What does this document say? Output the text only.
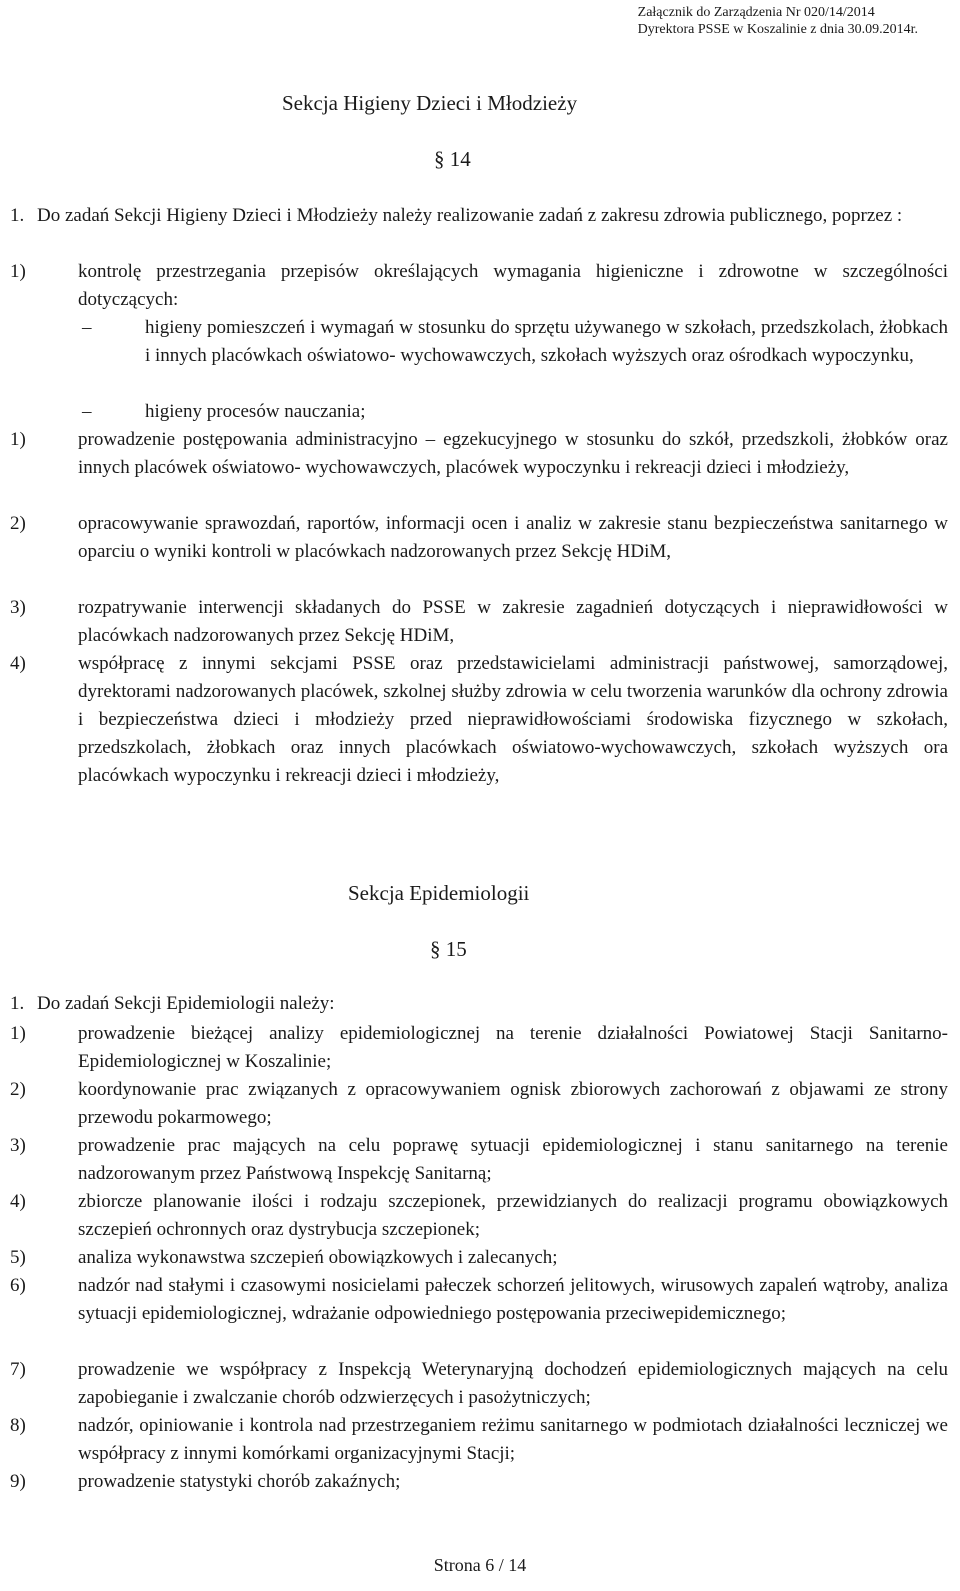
Załącznik do Zarządzenia Nr 020/14/2014
Dyrektora PSSE w Koszalinie z dnia 30.09.2014r.
Sekcja Higieny Dzieci i Młodzieży
§ 14
1. Do zadań Sekcji Higieny Dzieci i Młodzieży należy realizowanie zadań z zakresu zdrowia publicznego, poprzez :
1)	kontrolę przestrzegania przepisów określających wymagania higieniczne i zdrowotne w szczególności dotyczących:
–	higieny pomieszczeń i wymagań w stosunku do sprzętu używanego w szkołach, przedszkolach, żłobkach i innych placówkach oświatowo- wychowawczych, szkołach wyższych oraz ośrodkach wypoczynku,
–	higieny procesów nauczania;
1)	prowadzenie postępowania administracyjno – egzekucyjnego w stosunku do szkół, przedszkoli, żłobków oraz innych placówek oświatowo- wychowawczych, placówek wypoczynku i rekreacji dzieci i młodzieży,
2)	opracowywanie sprawozdań, raportów, informacji ocen i analiz w zakresie stanu bezpieczeństwa sanitarnego w oparciu o wyniki kontroli w placówkach nadzorowanych przez Sekcję HDiM,
3)	rozpatrywanie interwencji składanych do PSSE w zakresie zagadnień dotyczących i nieprawidłowości w placówkach nadzorowanych przez Sekcję HDiM,
4)	współpracę z innymi sekcjami PSSE oraz przedstawicielami administracji państwowej, samorządowej, dyrektorami nadzorowanych placówek, szkolnej służby zdrowia w celu tworzenia warunków dla ochrony zdrowia i bezpieczeństwa dzieci i młodzieży przed nieprawidłowościami środowiska fizycznego w szkołach, przedszkolach, żłobkach oraz innych placówkach oświatowo-wychowawczych, szkołach wyższych ora placówkach wypoczynku i rekreacji dzieci i młodzieży,
Sekcja Epidemiologii
§ 15
1. Do zadań Sekcji Epidemiologii należy:
1)	prowadzenie bieżącej analizy epidemiologicznej na terenie działalności Powiatowej Stacji Sanitarno-Epidemiologicznej w Koszalinie;
2)	koordynowanie prac związanych z opracowywaniem ognisk zbiorowych zachorowań z objawami ze strony przewodu pokarmowego;
3)	prowadzenie prac mających na celu poprawę sytuacji epidemiologicznej i stanu sanitarnego na terenie nadzorowanym przez Państwową Inspekcję Sanitarną;
4)	zbiorcze planowanie ilości i rodzaju szczepionek, przewidzianych do realizacji programu obowiązkowych szczepień ochronnych oraz dystrybucja szczepionek;
5)	analiza wykonawstwa szczepień obowiązkowych i zalecanych;
6)	nadzór nad stałymi i czasowymi nosicielami pałeczek schorzeń jelitowych, wirusowych zapaleń wątroby, analiza sytuacji epidemiologicznej, wdrażanie odpowiedniego postępowania przeciwepidemicznego;
7)	prowadzenie we współpracy z Inspekcją Weterynaryjną dochodzeń epidemiologicznych mających na celu zapobieganie i zwalczanie chorób odzwierzęcych i pasożytniczych;
8)	nadzór, opiniowanie i kontrola nad przestrzeganiem reżimu sanitarnego w podmiotach działalności leczniczej we współpracy z innymi komórkami organizacyjnymi Stacji;
9)	prowadzenie statystyki chorób zakaźnych;
Strona 6 / 14
